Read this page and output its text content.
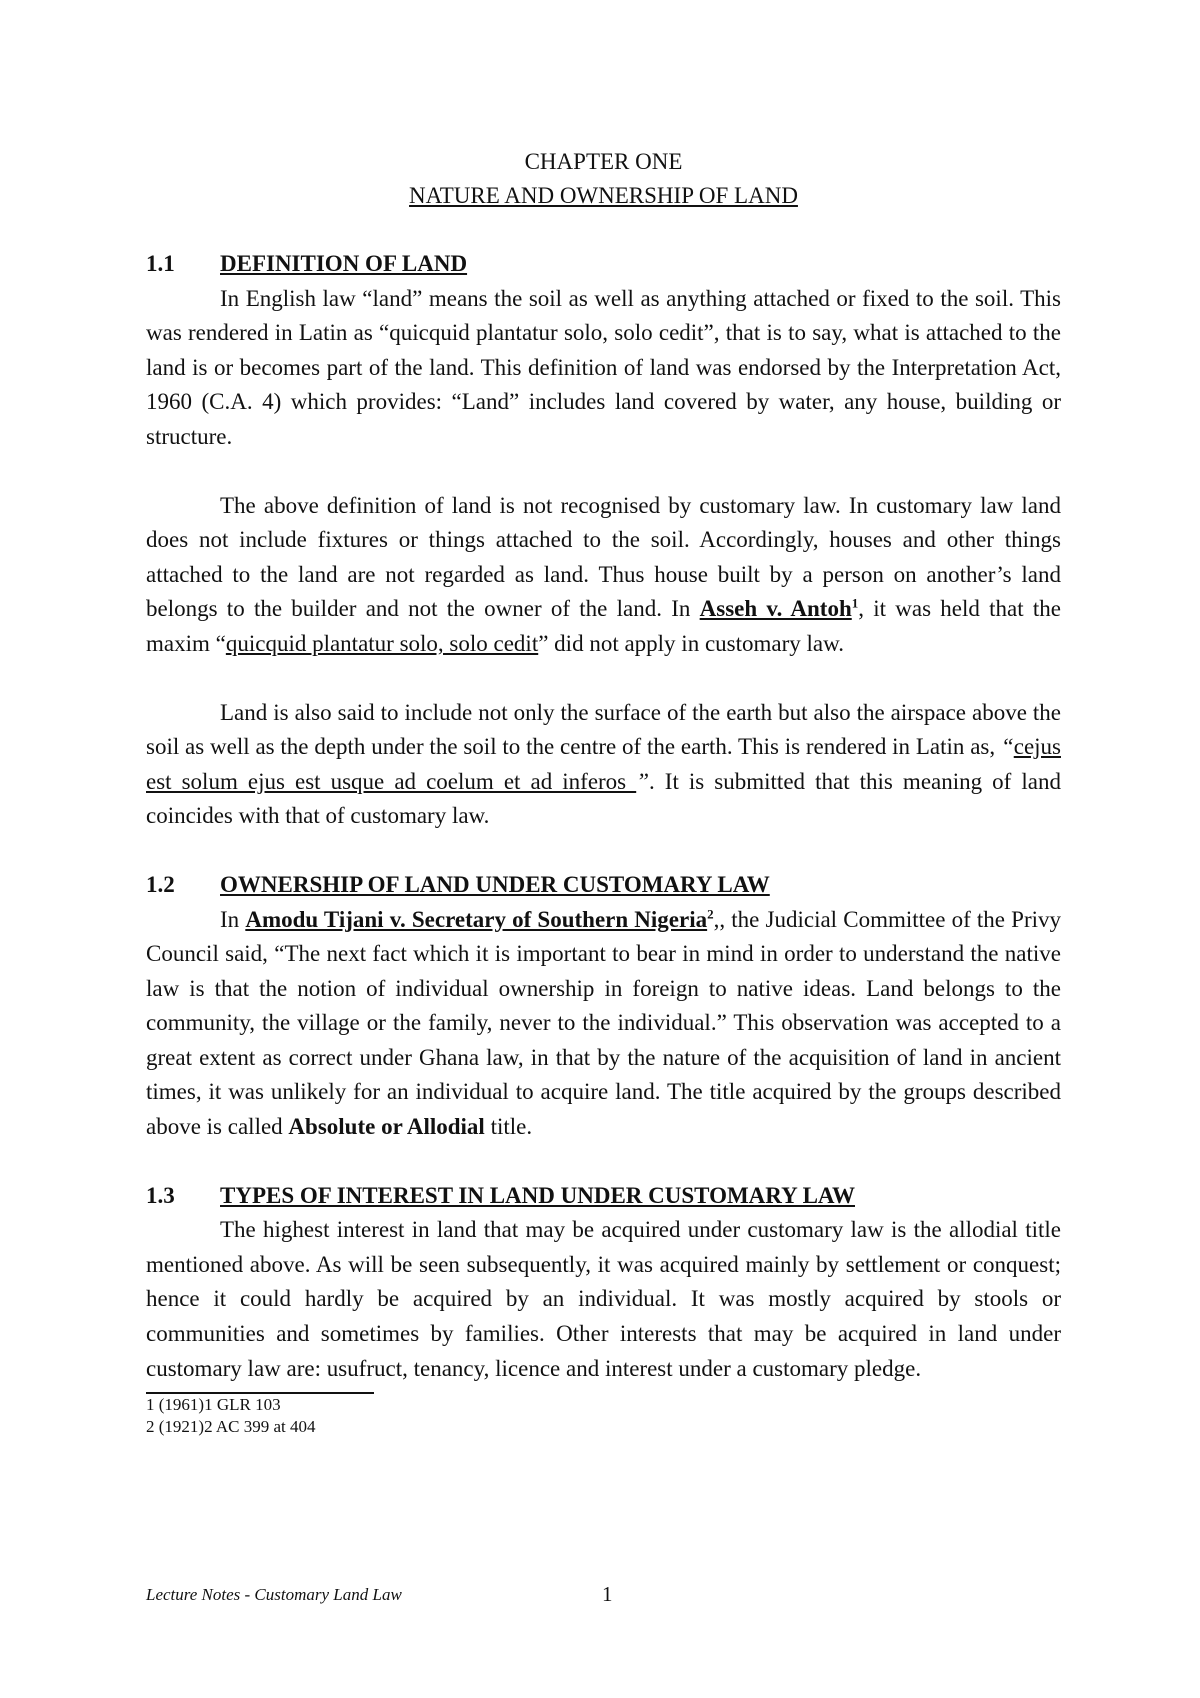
CHAPTER ONE
NATURE AND OWNERSHIP OF LAND
1.1	DEFINITION OF LAND

In English law “land” means the soil as well as anything attached or fixed to the soil. This was rendered in Latin as “quicquid plantatur solo, solo cedit”, that is to say, what is attached to the land is or becomes part of the land. This definition of land was endorsed by the Interpretation Act, 1960 (C.A. 4) which provides: “Land” includes land covered by water, any house, building or structure.

The above definition of land is not recognised by customary law. In customary law land does not include fixtures or things attached to the soil. Accordingly, houses and other things attached to the land are not regarded as land. Thus house built by a person on another’s land belongs to the builder and not the owner of the land. In Asseh v. Antoh$^1$, it was held that the maxim “quicquid plantatur solo, solo cedit” did not apply in customary law.

Land is also said to include not only the surface of the earth but also the airspace above the soil as well as the depth under the soil to the centre of the earth. This is rendered in Latin as, “cejus est solum ejus est usque ad coelum et ad inferos ”. It is submitted that this meaning of land coincides with that of customary law.

1.2	OWNERSHIP OF LAND UNDER CUSTOMARY LAW

In Amodu Tijani v. Secretary of Southern Nigeria$^2$,, the Judicial Committee of the Privy Council said, “The next fact which it is important to bear in mind in order to understand the native law is that the notion of individual ownership in foreign to native ideas. Land belongs to the community, the village or the family, never to the individual.” This observation was accepted to a great extent as correct under Ghana law, in that by the nature of the acquisition of land in ancient times, it was unlikely for an individual to acquire land. The title acquired by the groups described above is called Absolute or Allodial title.

1.3	TYPES OF INTEREST IN LAND UNDER CUSTOMARY LAW

The highest interest in land that may be acquired under customary law is the allodial title mentioned above. As will be seen subsequently, it was acquired mainly by settlement or conquest; hence it could hardly be acquired by an individual. It was mostly acquired by stools or communities and sometimes by families. Other interests that may be acquired in land under customary law are: usufruct, tenancy, licence and interest under a customary pledge.

1 (1961)1 GLR 103
2 (1921)2 AC 399 at 404
Lecture Notes - Customary Land Law	1
